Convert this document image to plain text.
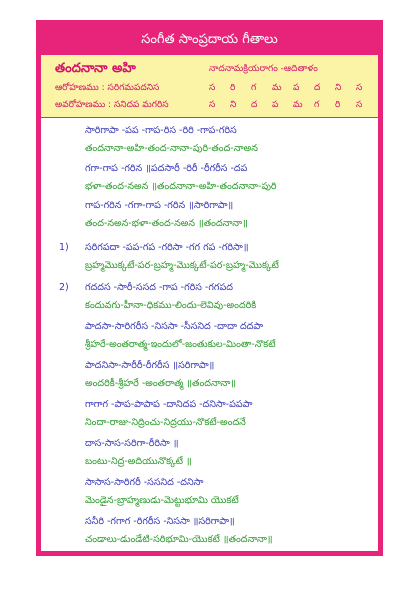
సంగీత సాంప్రదాయ గీతాలు
తందనానా అహి	నాదనామక్రియరాగం -ఆదితాళం
ఆరోహణము : సరిగమపదనిస	స రి గ మ ప ద ని స
అవరోహణము : సనిదప మగరిస	స ని ద ప మ గ రి స
సారిగాపా -పప -గాప-రిస -రిరి -గాప-గరిస
తందనానా-అహి-తంద-నానా-పురి-తంద-నాఅన
గగా-గాప -గరిన ॥పదసారీ -రిరీ -రీగరీస -దప
భళా-తంద-నఅన ॥తందనానా-అహి-తందనానా-పురి
గాప-గరిన -గగా-గాప -గరిన ॥సారిగాపా॥
తంద-నఅన-భళా-తంద-నఅన ॥తందనానా॥
సరిగపదా -పప-గప -గరిసా -గగ గప -గరిసా॥
బ్రహ్మమొక్కటే-పర-బ్రహ్మ-మొక్కటే-పర-బ్రహ్మ-మొక్కటే
గదదస -సారీ-ససద -గాప -గరిస -గగపద
కందువగు-హీనా-ధికము-లిందు-లెవివు-అందరికి
పాదసా-సారిగరీస -నిససా -సీసనిద -దాదా దదపా
శ్రీహరే-అంతరాత్మ-ఇందులో-జంతుకుల-మింతా-నొకటే
పాదనిసా-సారీరీ-రీగరీస ॥సరిగాపా॥
అందరికీ-శ్రీహరే -అంతరాత్మ ॥తందనానా॥
గాగాగ -పాప-పాపాప -దానిదప -దనిసా-పపపా
నిందా-రాజు-నిద్రించు-నిద్రయు-నొకటే-అందనే
దాస-సాస-సరిగా-రీరిసా ॥
బంటు-నిద్ర-అదియునొక్కటే ॥
సాసాస-సారిగరీ -ససనిద -దనిసా
మెండైన-బ్రాహ్మణుడు-మెట్టుభూమి యొకటే
సనీరి -గగాగ -రిగరీస -నిససా ॥సరిగాపా॥
చండాలు-డుండేటి-సరిభూమి-యొకటే ॥తందనానా॥
1)
2)
